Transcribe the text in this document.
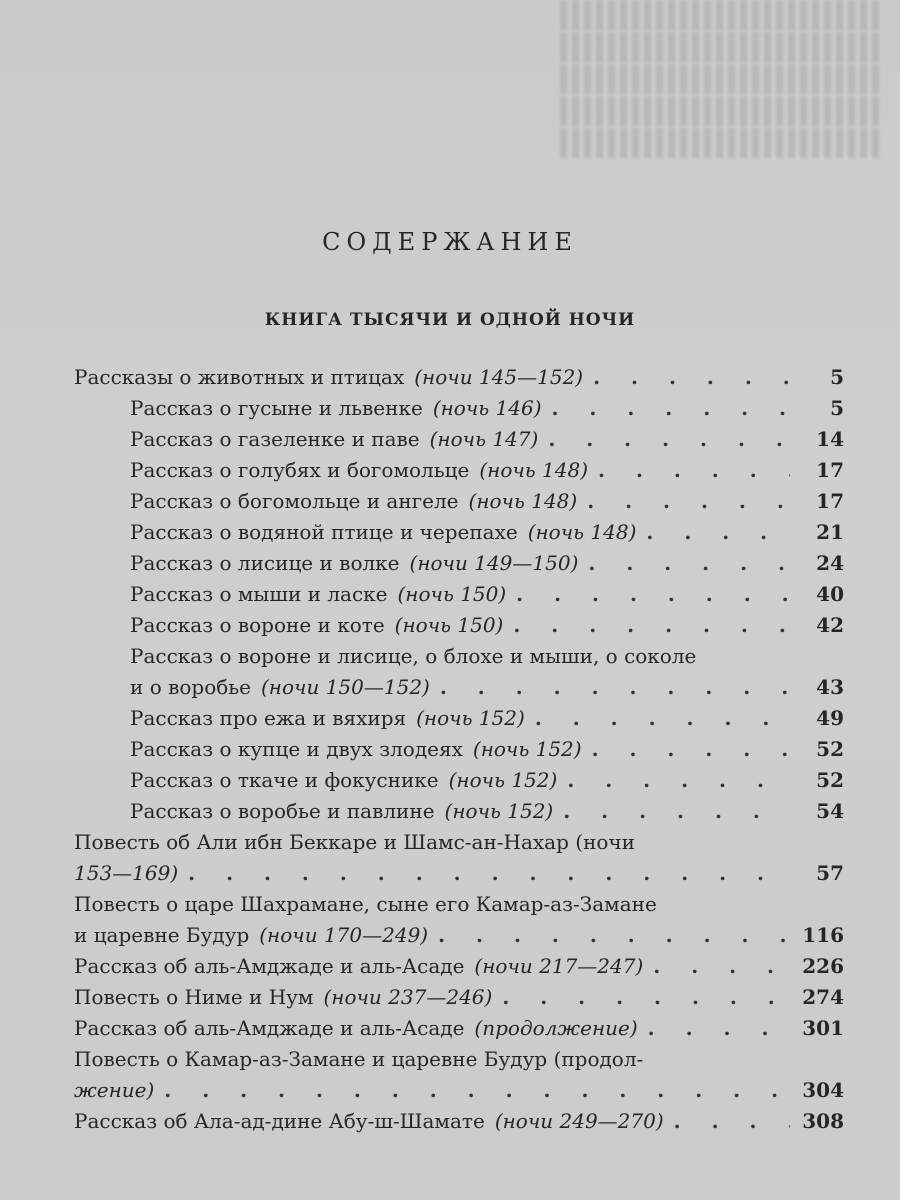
СОДЕРЖАНИЕ
КНИГА ТЫСЯЧИ И ОДНОЙ НОЧИ
Рассказы о животных и птицах (ночи 145—152) . . .	5
Рассказ о гусыне и львенке (ночь 146) . . .	5
Рассказ о газеленке и паве (ночь 147) . . .	14
Рассказ о голубях и богомольце (ночь 148) . . .	17
Рассказ о богомольце и ангеле (ночь 148) . . .	17
Рассказ о водяной птице и черепахе (ночь 148) . . .	21
Рассказ о лисице и волке (ночи 149—150) . . .	24
Рассказ о мыши и ласке (ночь 150) . . .	40
Рассказ о вороне и коте (ночь 150) . . .	42
Рассказ о вороне и лисице, о блохе и мыши, о соколе
и о воробье (ночи 150—152) . . .	43
Рассказ про ежа и вяхиря (ночь 152) . . .	49
Рассказ о купце и двух злодеях (ночь 152) . . .	52
Рассказ о ткаче и фокуснике (ночь 152) . . .	52
Рассказ о воробье и павлине (ночь 152) . . .	54
Повесть об Али ибн Беккаре и Шамс-ан-Нахар (ночи
153—169) . . .	57
Повесть о царе Шахрамане, сыне его Камар-аз-Замане
и царевне Будур (ночи 170—249) . . .	116
Рассказ об аль-Амджаде и аль-Асаде (ночи 217—247) . . .	226
Повесть о Ниме и Нум (ночи 237—246) . . .	274
Рассказ об аль-Амджаде и аль-Асаде (продолжение) . . .	301
Повесть о Камар-аз-Замане и царевне Будур (продол-
жение) . . .	304
Рассказ об Ала-ад-дине Абу-ш-Шамате (ночи 249—270) . . .	308
